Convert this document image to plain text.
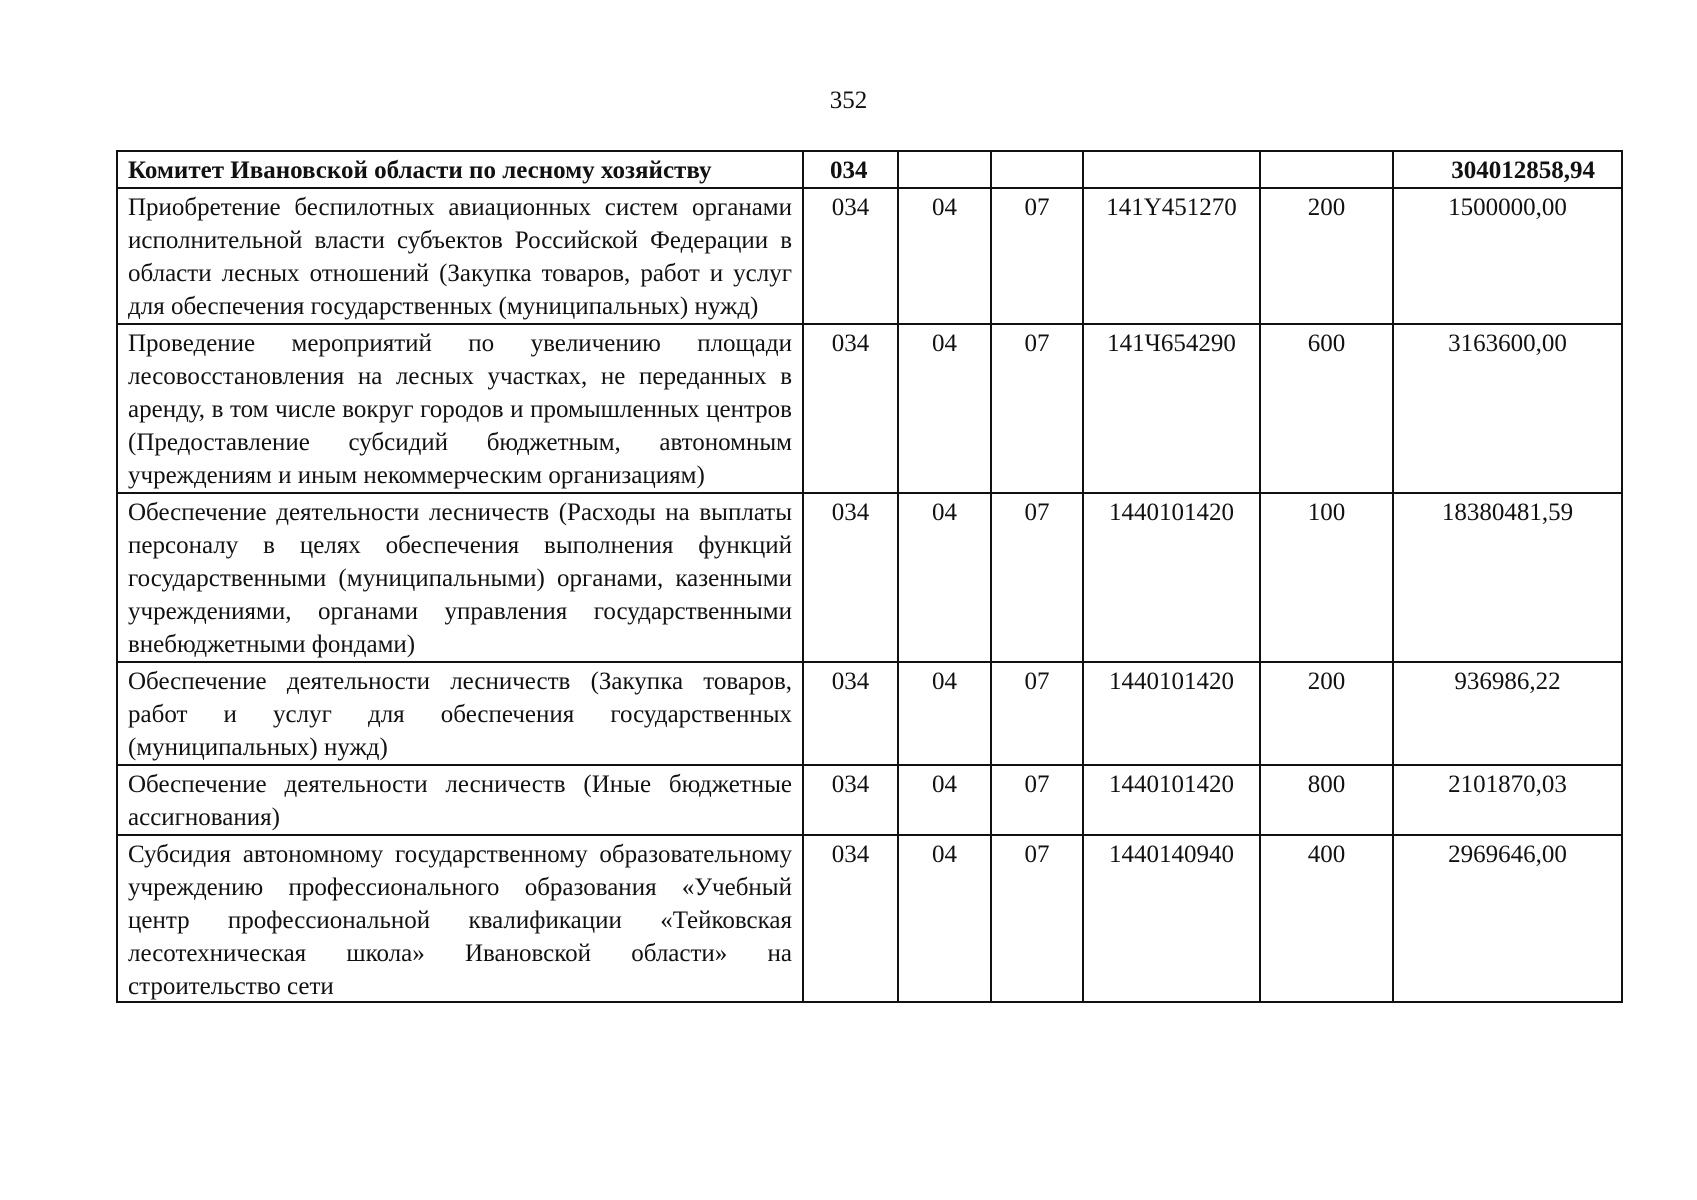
352
Комитет Ивановской области по лесному хозяйству	034					304012858,94
Приобретение беспилотных авиационных систем органами исполнительной власти субъектов Российской Федерации в области лесных отношений (Закупка товаров, работ и услуг для обеспечения государственных (муниципальных) нужд)	034	04	07	141Y451270	200	1500000,00
Проведение мероприятий по увеличению площади лесовосстановления на лесных участках, не переданных в аренду, в том числе вокруг городов и промышленных центров (Предоставление субсидий бюджетным, автономным учреждениям и иным некоммерческим организациям)	034	04	07	141Ч654290	600	3163600,00
Обеспечение деятельности лесничеств (Расходы на выплаты персоналу в целях обеспечения выполнения функций государственными (муниципальными) органами, казенными учреждениями, органами управления государственными внебюджетными фондами)	034	04	07	1440101420	100	18380481,59
Обеспечение деятельности лесничеств (Закупка товаров, работ и услуг для обеспечения государственных (муниципальных) нужд)	034	04	07	1440101420	200	936986,22
Обеспечение деятельности лесничеств (Иные бюджетные ассигнования)	034	04	07	1440101420	800	2101870,03

Субсидия автономному государственному образовательному учреждению профессионального образования «Учебный центр профессиональной квалификации «Тейковская лесотехническая школа» Ивановской области» на строительство сети	034	04	07	1440140940	400	2969646,00
